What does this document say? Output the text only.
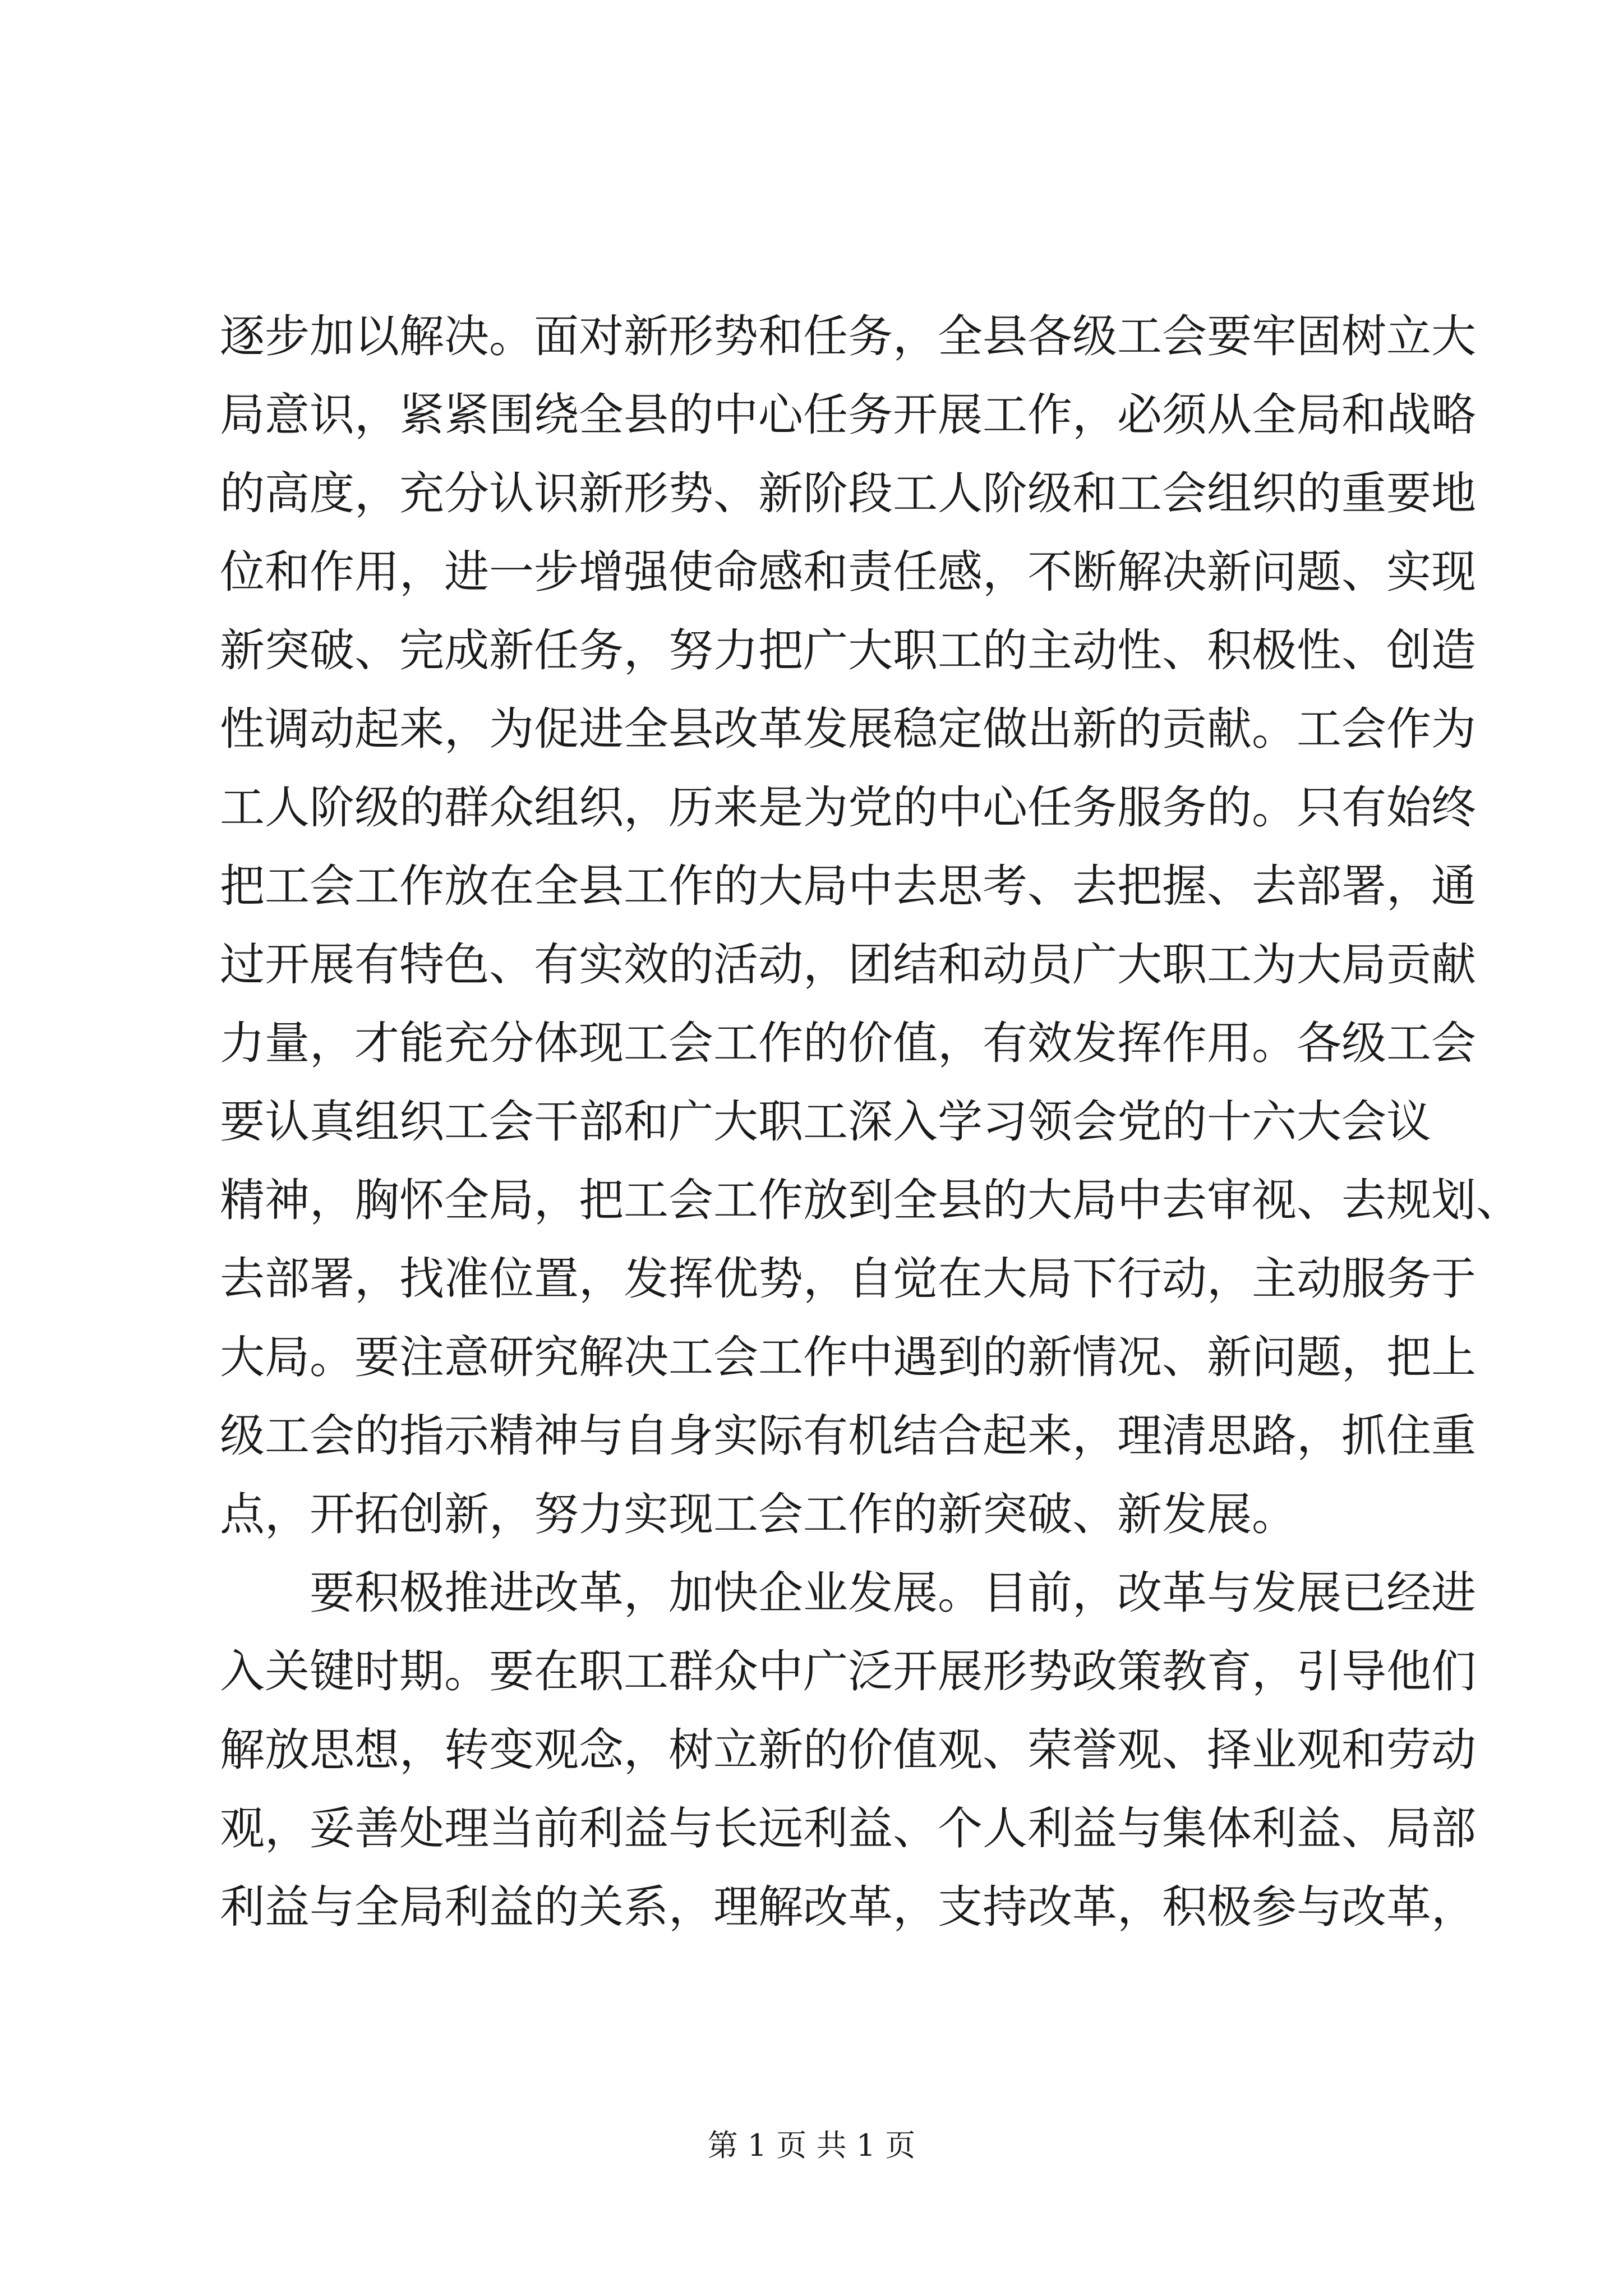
逐步加以解决。面对新形势和任务，全县各级工会要牢固树立大
局意识，紧紧围绕全县的中心任务开展工作，必须从全局和战略
的高度，充分认识新形势、新阶段工人阶级和工会组织的重要地
位和作用，进一步增强使命感和责任感，不断解决新问题、实现
新突破、完成新任务，努力把广大职工的主动性、积极性、创造
性调动起来，为促进全县改革发展稳定做出新的贡献。工会作为
工人阶级的群众组织，历来是为党的中心任务服务的。只有始终
把工会工作放在全县工作的大局中去思考、去把握、去部署，通
过开展有特色、有实效的活动，团结和动员广大职工为大局贡献
力量，才能充分体现工会工作的价值，有效发挥作用。各级工会
要认真组织工会干部和广大职工深入学习领会党的十六大会议
精神，胸怀全局，把工会工作放到全县的大局中去审视、去规划、
去部署，找准位置，发挥优势，自觉在大局下行动，主动服务于
大局。要注意研究解决工会工作中遇到的新情况、新问题，把上
级工会的指示精神与自身实际有机结合起来，理清思路，抓住重
点，开拓创新，努力实现工会工作的新突破、新发展。
要积极推进改革，加快企业发展。目前，改革与发展已经进
入关键时期。要在职工群众中广泛开展形势政策教育，引导他们
解放思想，转变观念，树立新的价值观、荣誉观、择业观和劳动
观，妥善处理当前利益与长远利益、个人利益与集体利益、局部
利益与全局利益的关系，理解改革，支持改革，积极参与改革，
第 1 页 共 1 页
